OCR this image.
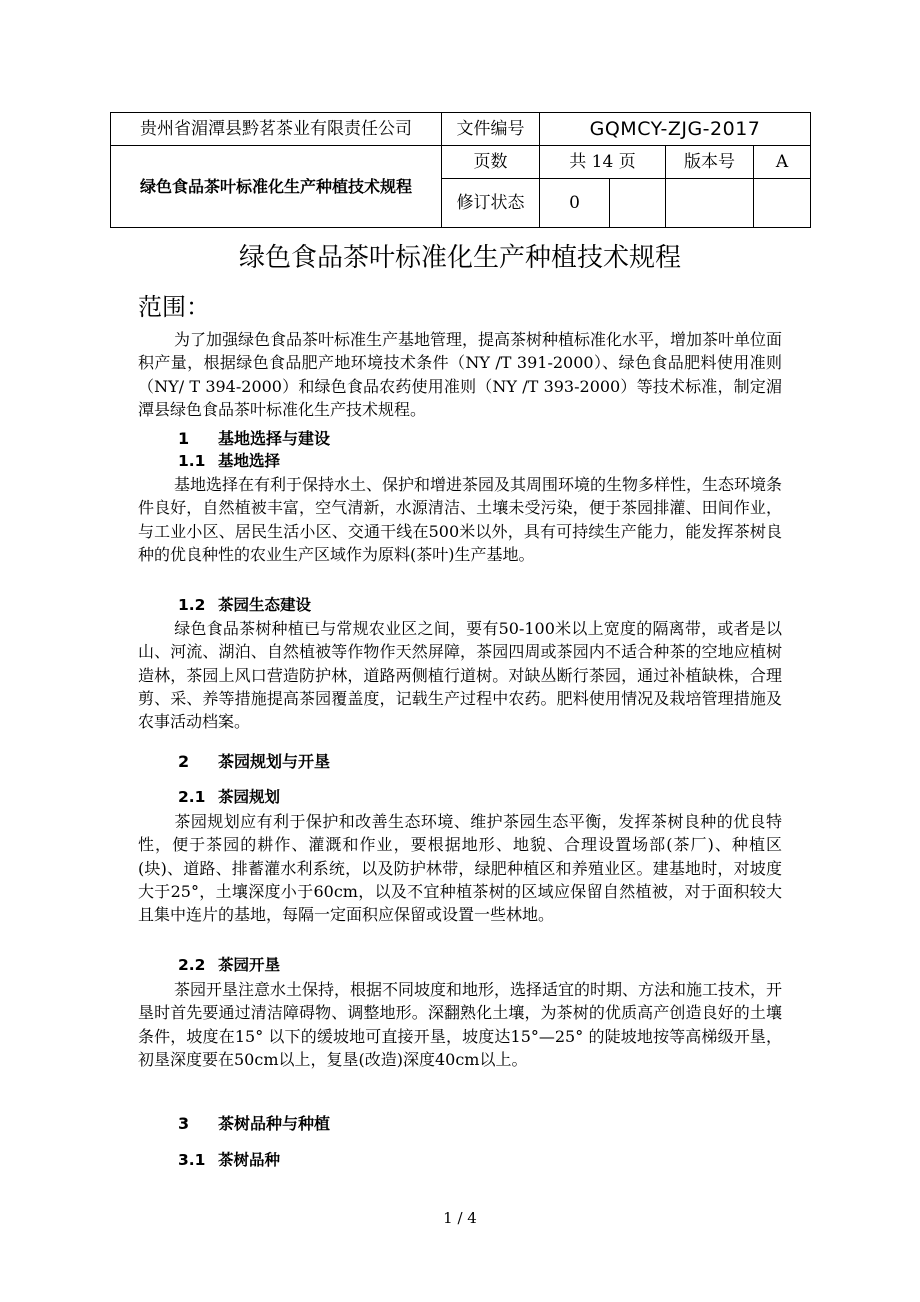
贵州省湄潭县黔茗茶业有限责任公司	文件编号	GQMCY-ZJG-2017			
绿色食品茶叶标准化生产种植技术规程	页数	共 14 页		版本号	A
	修订状态	0			
绿色食品茶叶标准化生产种植技术规程
范围：
为了加强绿色食品茶叶标准生产基地管理，提高茶树种植标准化水平，增加茶叶单位面积产量，根据绿色食品肥产地环境技术条件（NY /T 391-2000）、绿色食品肥料使用准则（NY/ T 394-2000）和绿色食品农药使用准则（NY /T 393-2000）等技术标准，制定湄潭县绿色食品茶叶标准化生产技术规程。
1 基地选择与建设
1.1 基地选择
基地选择在有利于保持水土、保护和增进茶园及其周围环境的生物多样性，生态环境条件良好，自然植被丰富，空气清新，水源清洁、土壤未受污染，便于茶园排灌、田间作业，与工业小区、居民生活小区、交通干线在500米以外，具有可持续生产能力，能发挥茶树良种的优良种性的农业生产区域作为原料(茶叶)生产基地。
1.2 茶园生态建设
绿色食品茶树种植已与常规农业区之间，要有50-100米以上宽度的隔离带，或者是以山、河流、湖泊、自然植被等作物作天然屏障，茶园四周或茶园内不适合种茶的空地应植树造林，茶园上风口营造防护林，道路两侧植行道树。对缺丛断行茶园，通过补植缺株，合理剪、采、养等措施提高茶园覆盖度，记载生产过程中农药。肥料使用情况及栽培管理措施及农事活动档案。
2 茶园规划与开垦
2.1 茶园规划
茶园规划应有利于保护和改善生态环境、维护茶园生态平衡，发挥茶树良种的优良特性，便于茶园的耕作、灌溉和作业，要根据地形、地貌、合理设置场部(茶厂)、种植区(块)、道路、排蓄灌水利系统，以及防护林带，绿肥种植区和养殖业区。建基地时，对坡度大于25°，土壤深度小于60cm，以及不宜种植茶树的区域应保留自然植被，对于面积较大且集中连片的基地，每隔一定面积应保留或设置一些林地。
2.2 茶园开垦
茶园开垦注意水土保持，根据不同坡度和地形，选择适宜的时期、方法和施工技术，开垦时首先要通过清洁障碍物、调整地形。深翻熟化土壤，为茶树的优质高产创造良好的土壤条件，坡度在15° 以下的缓坡地可直接开垦，坡度达15°—25° 的陡坡地按等高梯级开垦，初垦深度要在50cm以上，复垦(改造)深度40cm以上。
3 茶树品种与种植
3.1 茶树品种
1 / 4
